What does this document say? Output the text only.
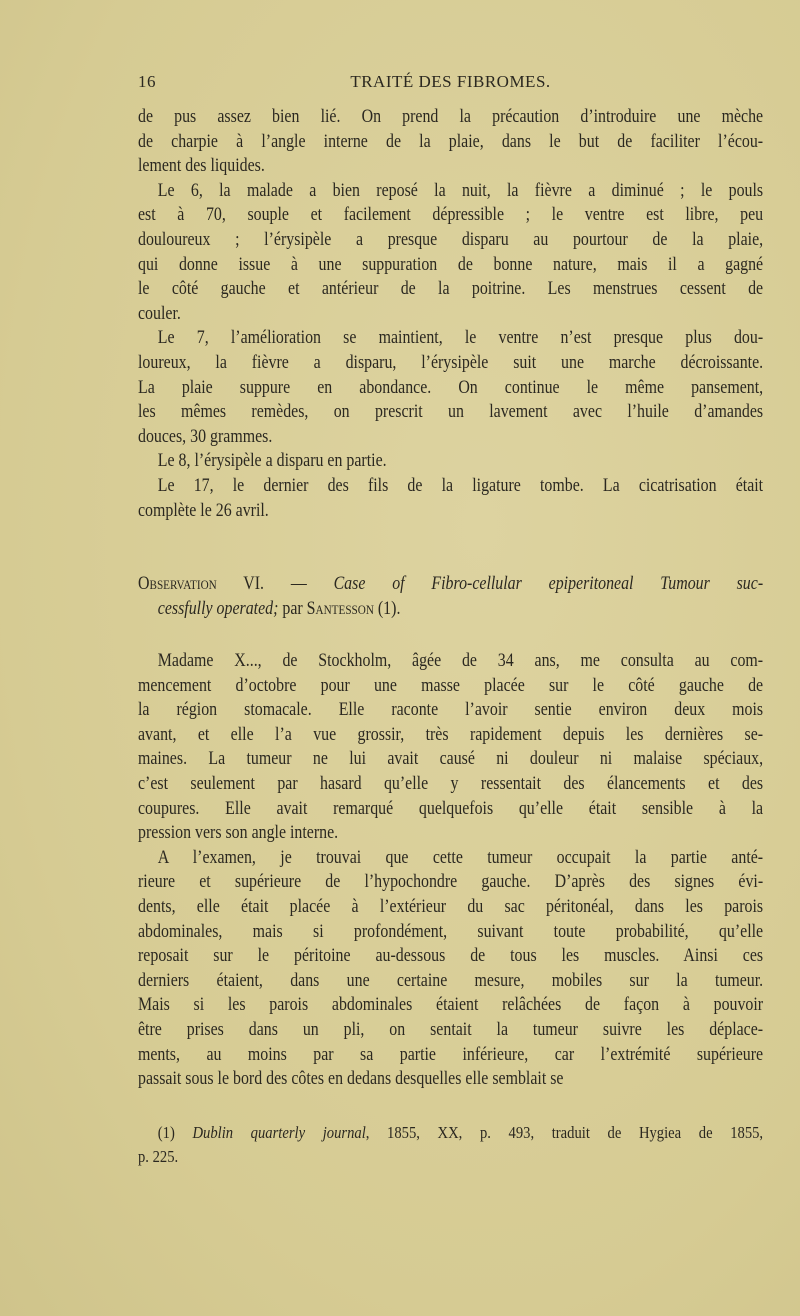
16	TRAITÉ DES FIBROMES.
de pus assez bien lié. On prend la précaution d’introduire une mèche
de charpie à l’angle interne de la plaie, dans le but de faciliter l’écou-
lement des liquides.
Le 6, la malade a bien reposé la nuit, la fièvre a diminué ; le pouls
est à 70, souple et facilement dépressible ; le ventre est libre, peu
douloureux ; l’érysipèle a presque disparu au pourtour de la plaie,
qui donne issue à une suppuration de bonne nature, mais il a gagné
le côté gauche et antérieur de la poitrine. Les menstrues cessent de
couler.
Le 7, l’amélioration se maintient, le ventre n’est presque plus dou-
loureux, la fièvre a disparu, l’érysipèle suit une marche décroissante.
La plaie suppure en abondance. On continue le même pansement,
les mêmes remèdes, on prescrit un lavement avec l’huile d’amandes
douces, 30 grammes.
Le 8, l’érysipèle a disparu en partie.
Le 17, le dernier des fils de la ligature tombe. La cicatrisation était
complète le 26 avril.
Observation VI. — Case of Fibro-cellular epiperitoneal Tumour suc-
cessfully operated; par Santesson (1).
Madame X..., de Stockholm, âgée de 34 ans, me consulta au com-
mencement d’octobre pour une masse placée sur le côté gauche de
la région stomacale. Elle raconte l’avoir sentie environ deux mois
avant, et elle l’a vue grossir, très rapidement depuis les dernières se-
maines. La tumeur ne lui avait causé ni douleur ni malaise spéciaux,
c’est seulement par hasard qu’elle y ressentait des élancements et des
coupures. Elle avait remarqué quelquefois qu’elle était sensible à la
pression vers son angle interne.
A l’examen, je trouvai que cette tumeur occupait la partie anté-
rieure et supérieure de l’hypochondre gauche. D’après des signes évi-
dents, elle était placée à l’extérieur du sac péritonéal, dans les parois
abdominales, mais si profondément, suivant toute probabilité, qu’elle
reposait sur le péritoine au-dessous de tous les muscles. Ainsi ces
derniers étaient, dans une certaine mesure, mobiles sur la tumeur.
Mais si les parois abdominales étaient relâchées de façon à pouvoir
être prises dans un pli, on sentait la tumeur suivre les déplace-
ments, au moins par sa partie inférieure, car l’extrémité supérieure
passait sous le bord des côtes en dedans desquelles elle semblait se
(1) Dublin quarterly journal, 1855, XX, p. 493, traduit de Hygiea de 1855,
p. 225.
